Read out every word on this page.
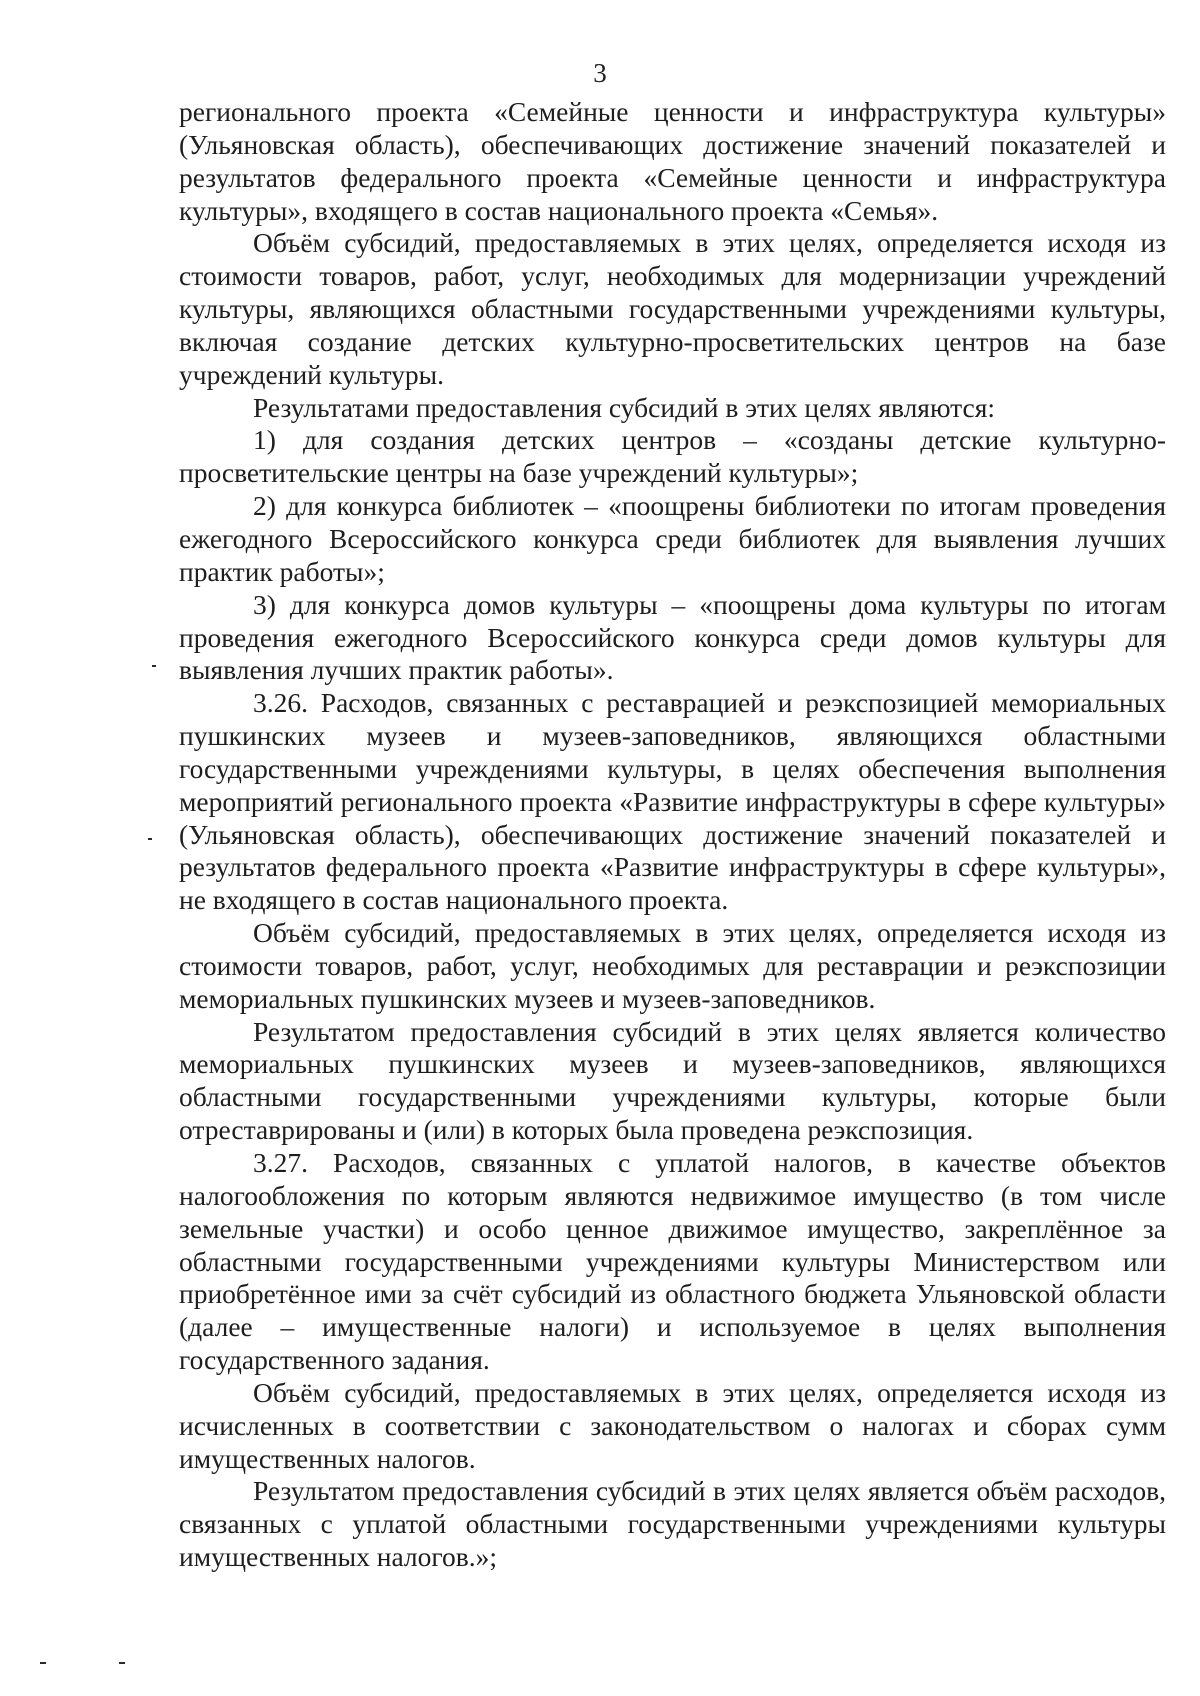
3

регионального проекта «Семейные ценности и инфраструктура культуры» (Ульяновская область), обеспечивающих достижение значений показателей и результатов федерального проекта «Семейные ценности и инфраструктура культуры», входящего в состав национального проекта «Семья».

Объём субсидий, предоставляемых в этих целях, определяется исходя из стоимости товаров, работ, услуг, необходимых для модернизации учреждений культуры, являющихся областными государственными учреждениями культуры, включая создание детских культурно-просветительских центров на базе учреждений культуры.

Результатами предоставления субсидий в этих целях являются:

1) для создания детских центров – «созданы детские культурно-просветительские центры на базе учреждений культуры»;

2) для конкурса библиотек – «поощрены библиотеки по итогам проведения ежегодного Всероссийского конкурса среди библиотек для выявления лучших практик работы»;

3) для конкурса домов культуры – «поощрены дома культуры по итогам проведения ежегодного Всероссийского конкурса среди домов культуры для выявления лучших практик работы».

3.26. Расходов, связанных с реставрацией и реэкспозицией мемориальных пушкинских музеев и музеев-заповедников, являющихся областными государственными учреждениями культуры, в целях обеспечения выполнения мероприятий регионального проекта «Развитие инфраструктуры в сфере культуры» (Ульяновская область), обеспечивающих достижение значений показателей и результатов федерального проекта «Развитие инфраструктуры в сфере культуры», не входящего в состав национального проекта.

Объём субсидий, предоставляемых в этих целях, определяется исходя из стоимости товаров, работ, услуг, необходимых для реставрации и реэкспозиции мемориальных пушкинских музеев и музеев-заповедников.

Результатом предоставления субсидий в этих целях является количество мемориальных пушкинских музеев и музеев-заповедников, являющихся областными государственными учреждениями культуры, которые были отреставрированы и (или) в которых была проведена реэкспозиция.

3.27. Расходов, связанных с уплатой налогов, в качестве объектов налогообложения по которым являются недвижимое имущество (в том числе земельные участки) и особо ценное движимое имущество, закреплённое за областными государственными учреждениями культуры Министерством или приобретённое ими за счёт субсидий из областного бюджета Ульяновской области (далее – имущественные налоги) и используемое в целях выполнения государственного задания.

Объём субсидий, предоставляемых в этих целях, определяется исходя из исчисленных в соответствии с законодательством о налогах и сборах сумм имущественных налогов.

Результатом предоставления субсидий в этих целях является объём расходов, связанных с уплатой областными государственными учреждениями культуры имущественных налогов.»;
